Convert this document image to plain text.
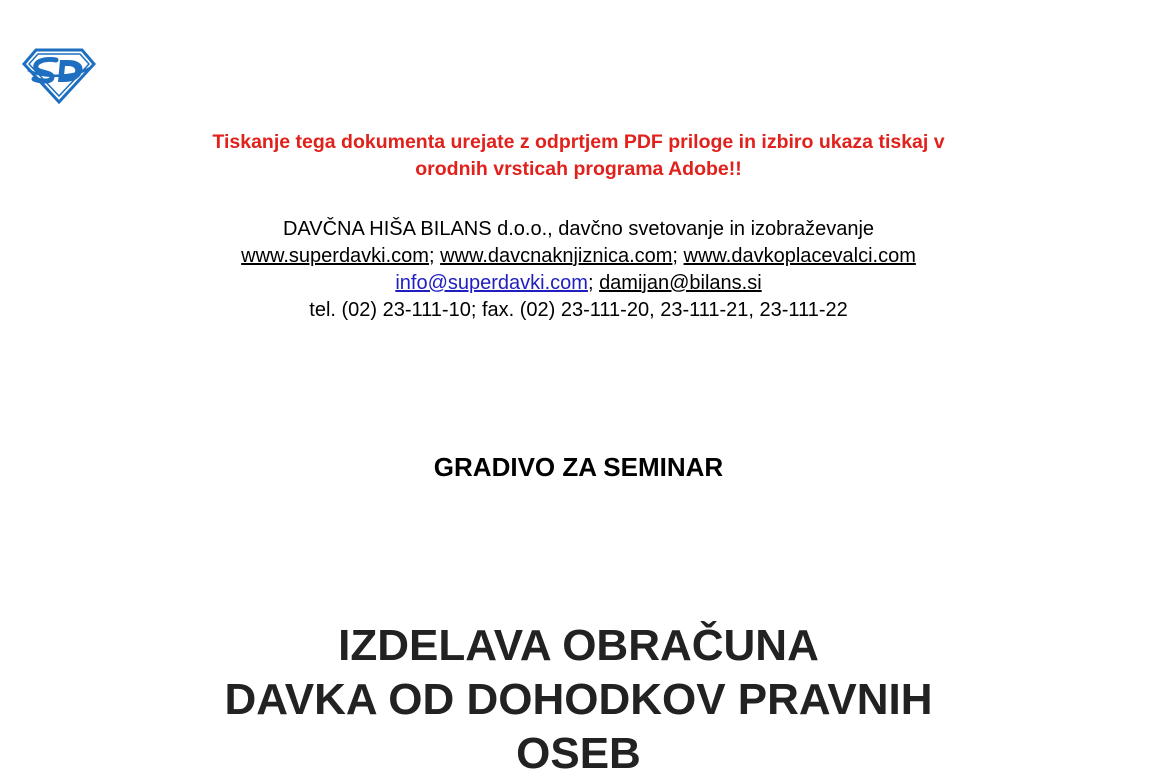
Tiskanje tega dokumenta urejate z odprtjem PDF priloge in izbiro ukaza tiskaj v
orodnih vrsticah programa Adobe!!
DAVČNA HIŠA BILANS d.o.o., davčno svetovanje in izobraževanje
www.superdavki.com; www.davcnaknjiznica.com; www.davkoplacevalci.com
info@superdavki.com; damijan@bilans.si
tel. (02) 23-111-10; fax. (02) 23-111-20, 23-111-21, 23-111-22
GRADIVO ZA SEMINAR
IZDELAVA OBRAČUNA
DAVKA OD DOHODKOV PRAVNIH
OSEB
